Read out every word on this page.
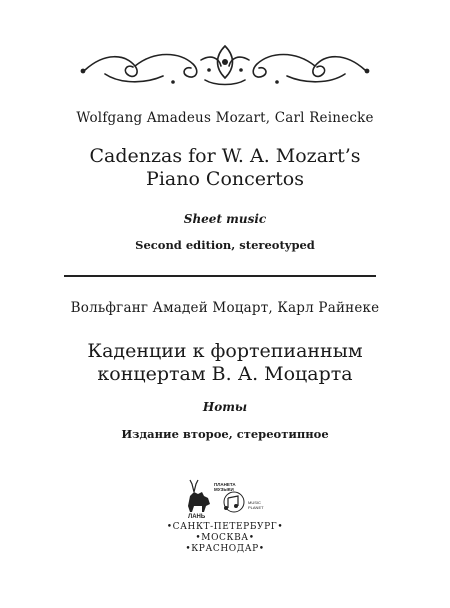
Wolfgang Amadeus Mozart, Carl Reinecke
Cadenzas for W. A. Mozart’s
Piano Concertos
Sheet music
Second edition, stereotyped
Вольфганг Амадей Моцарт, Карл Райнеке
Каденции к фортепианным
концертам В. А. Моцарта
Ноты
Издание второе, стереотипное
ЛАНЬ
ПЛАНЕТА
МУЗЫКИ
MUSIC
PLANET
•САНКТ-ПЕТЕРБУРГ•
•МОСКВА•
•КРАСНОДАР•
